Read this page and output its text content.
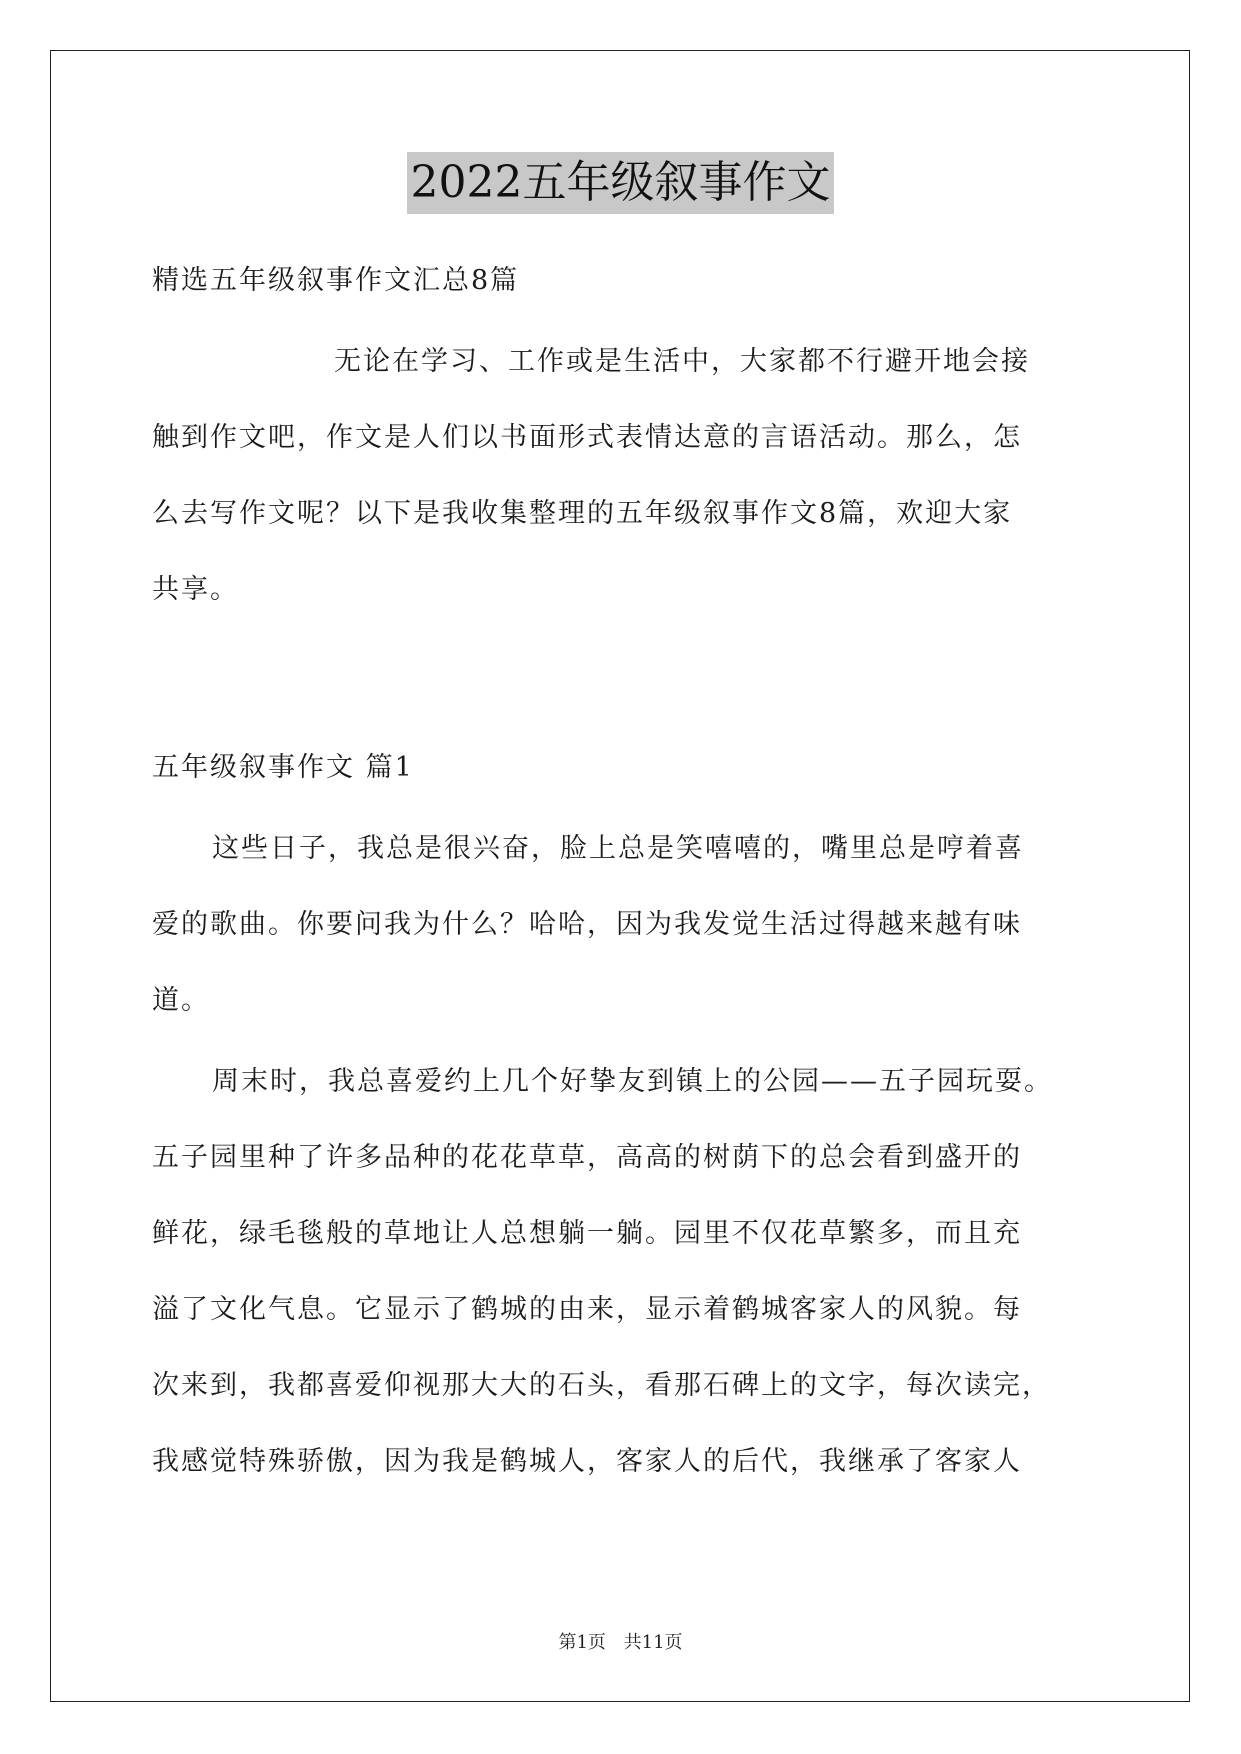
2022五年级叙事作文
精选五年级叙事作文汇总8篇
无论在学习、工作或是生活中，大家都不行避开地会接
触到作文吧，作文是人们以书面形式表情达意的言语活动。那么，怎
么去写作文呢？以下是我收集整理的五年级叙事作文8篇，欢迎大家
共享。
五年级叙事作文 篇1
这些日子，我总是很兴奋，脸上总是笑嘻嘻的，嘴里总是哼着喜
爱的歌曲。你要问我为什么？哈哈，因为我发觉生活过得越来越有味
道。
周末时，我总喜爱约上几个好挚友到镇上的公园——五子园玩耍。
五子园里种了许多品种的花花草草，高高的树荫下的总会看到盛开的
鲜花，绿毛毯般的草地让人总想躺一躺。园里不仅花草繁多，而且充
溢了文化气息。它显示了鹤城的由来，显示着鹤城客家人的风貌。每
次来到，我都喜爱仰视那大大的石头，看那石碑上的文字，每次读完，
我感觉特殊骄傲，因为我是鹤城人，客家人的后代，我继承了客家人
第1页 共11页
